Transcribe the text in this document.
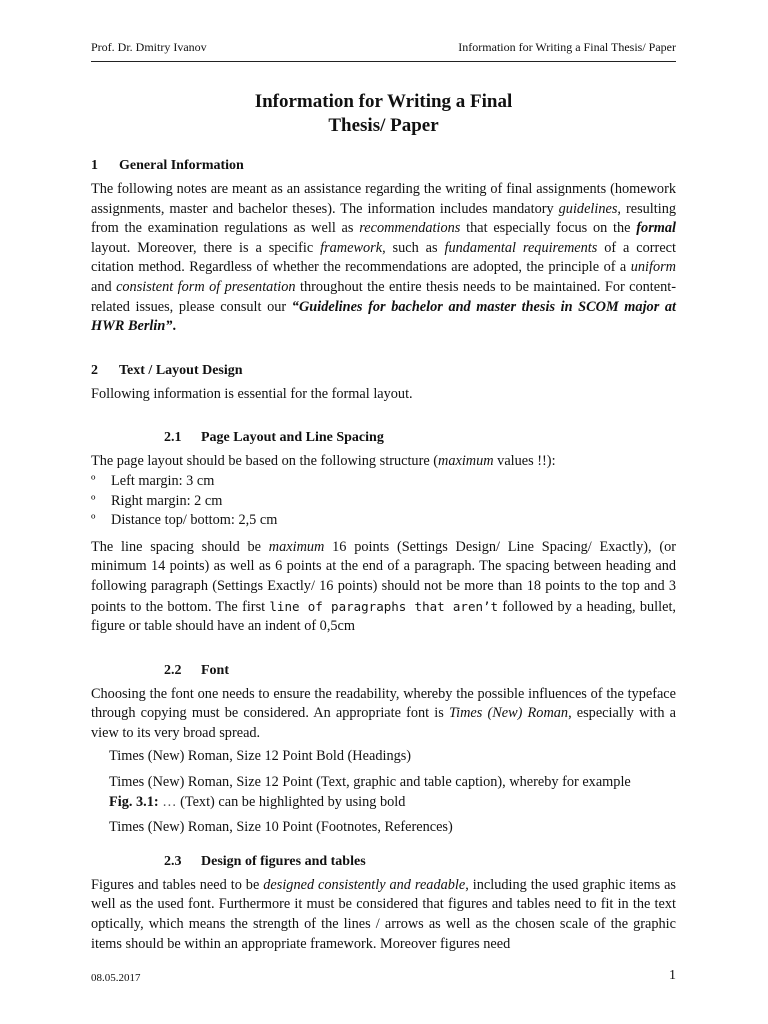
Prof. Dr. Dmitry Ivanov	Information for Writing a Final Thesis/ Paper
Information for Writing a Final
Thesis/ Paper
1	General Information

The following notes are meant as an assistance regarding the writing of final assignments (homework assignments, master and bachelor theses). The information includes mandatory guidelines, resulting from the examination regulations as well as recommendations that especially focus on the formal layout. Moreover, there is a specific framework, such as fundamental requirements of a correct citation method. Regardless of whether the recommendations are adopted, the principle of a uniform and consistent form of presentation throughout the entire thesis needs to be maintained. For content-related issues, please consult our “Guidelines for bachelor and master thesis in SCOM major at HWR Berlin”.

2	Text / Layout Design

Following information is essential for the formal layout.

2.1	Page Layout and Line Spacing

The page layout should be based on the following structure (maximum values !!):

º	Left margin: 3 cm
º	Right margin: 2 cm
º	Distance top/ bottom: 2,5 cm

The line spacing should be maximum 16 points (Settings Design/ Line Spacing/ Exactly), (or minimum 14 points) as well as 6 points at the end of a paragraph. The spacing between heading and following paragraph (Settings Exactly/ 16 points) should not be more than 18 points to the top and 3 points to the bottom. The first line of paragraphs that aren’t followed by a heading, bullet, figure or table should have an indent of 0,5cm

2.2	Font

Choosing the font one needs to ensure the readability, whereby the possible influences of the typeface through copying must be considered. An appropriate font is Times (New) Roman, especially with a view to its very broad spread.

Times (New) Roman, Size 12 Point Bold (Headings)

Times (New) Roman, Size 12 Point (Text, graphic and table caption), whereby for example
Fig. 3.1: … (Text) can be highlighted by using bold

Times (New) Roman, Size 10 Point (Footnotes, References)

2.3	Design of figures and tables

Figures and tables need to be designed consistently and readable, including the used graphic items as well as the used font. Furthermore it must be considered that figures and tables need to fit in the text optically, which means the strength of the lines / arrows as well as the chosen scale of the graphic items should be within an appropriate framework. Moreover figures need

08.05.2017	1
